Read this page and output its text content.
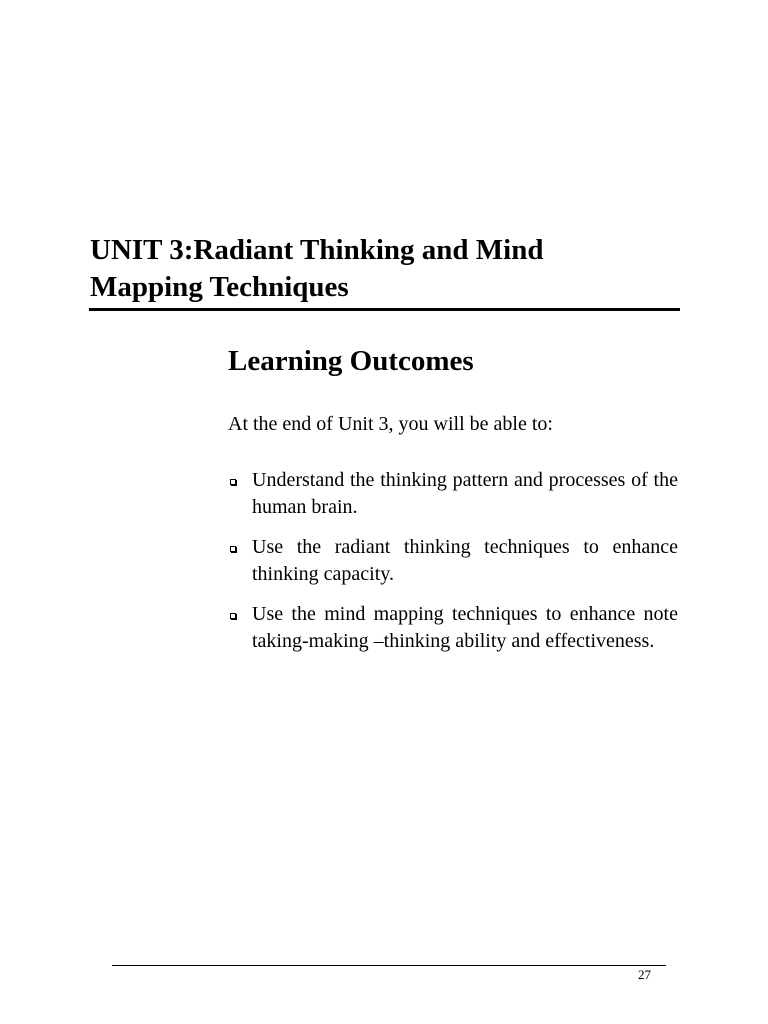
UNIT 3:Radiant Thinking and Mind
Mapping Techniques
Learning Outcomes

At the end of Unit 3, you will be able to:

Understand the thinking pattern and processes of the human brain.
Use the radiant thinking techniques to enhance thinking capacity.
Use the mind mapping techniques to enhance note taking-making –thinking ability and effectiveness.

27
